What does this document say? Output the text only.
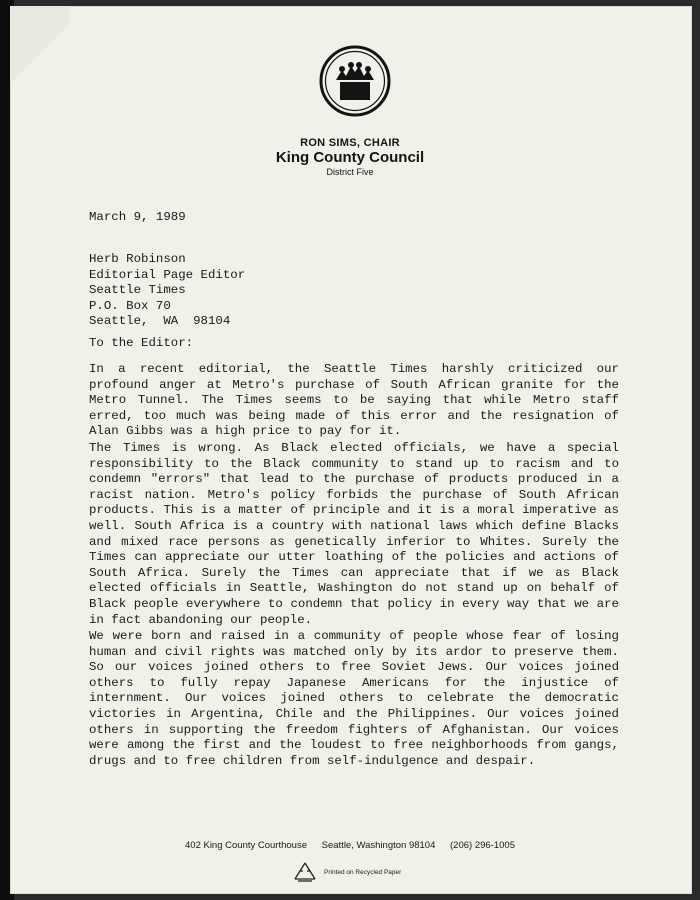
RON SIMS, CHAIR
King County Council
District Five
March 9, 1989
Herb Robinson
Editorial Page Editor
Seattle Times
P.O. Box 70
Seattle,  WA  98104
To the Editor:

In a recent editorial, the Seattle Times harshly criticized our profound anger at Metro's purchase of South African granite for the Metro Tunnel. The Times seems to be saying that while Metro staff erred, too much was being made of this error and the resignation of Alan Gibbs was a high price to pay for it.

The Times is wrong. As Black elected officials, we have a special responsibility to the Black community to stand up to racism and to condemn "errors" that lead to the purchase of products produced in a racist nation. Metro's policy forbids the purchase of South African products. This is a matter of principle and it is a moral imperative as well. South Africa is a country with national laws which define Blacks and mixed race persons as genetically inferior to Whites. Surely the Times can appreciate our utter loathing of the policies and actions of South Africa. Surely the Times can appreciate that if we as Black elected officials in Seattle, Washington do not stand up on behalf of Black people everywhere to condemn that policy in every way that we are in fact abandoning our people.

We were born and raised in a community of people whose fear of losing human and civil rights was matched only by its ardor to preserve them. So our voices joined others to free Soviet Jews. Our voices joined others to fully repay Japanese Americans for the injustice of internment. Our voices joined others to celebrate the democratic victories in Argentina, Chile and the Philippines. Our voices joined others in supporting the freedom fighters of Afghanistan. Our voices were among the first and the loudest to free neighborhoods from gangs, drugs and to free children from self-indulgence and despair.

402 King County Courthouse Seattle, Washington 98104 (206) 296-1005
Printed on Recycled Paper
